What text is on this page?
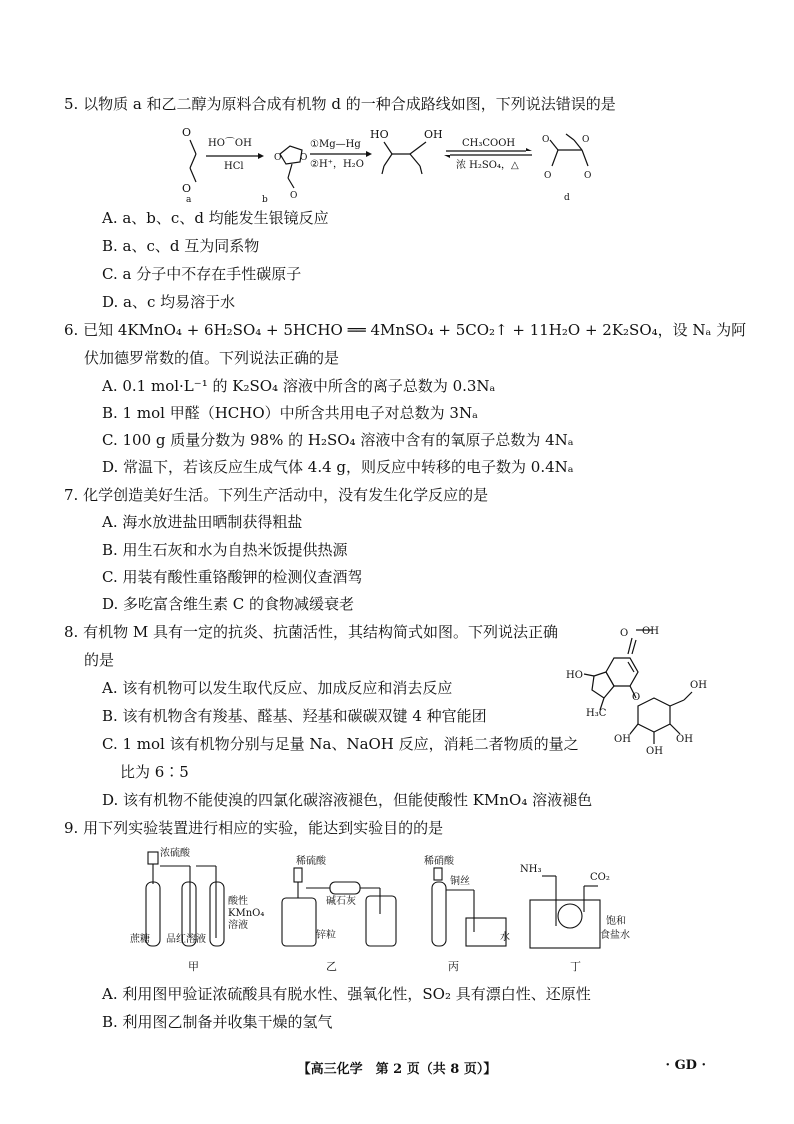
5. 以物质 a 和乙二醇为原料合成有机物 d 的一种合成路线如图，下列说法错误的是
O
O
a
HO⌒OH
HCl
O O
O
b
①Mg—Hg
②H⁺，H₂O
HO	OH
CH₃COOH
浓 H₂SO₄，△
O	O
O	O
d
A. a、b、c、d 均能发生银镜反应
B. a、c、d 互为同系物
C. a 分子中不存在手性碳原子
D. a、c 均易溶于水
6. 已知 4KMnO₄ + 6H₂SO₄ + 5HCHO ══ 4MnSO₄ + 5CO₂↑ + 11H₂O + 2K₂SO₄，设 Nₐ 为阿
伏加德罗常数的值。下列说法正确的是
A. 0.1 mol·L⁻¹ 的 K₂SO₄ 溶液中所含的离子总数为 0.3Nₐ
B. 1 mol 甲醛（HCHO）中所含共用电子对总数为 3Nₐ
C. 100 g 质量分数为 98% 的 H₂SO₄ 溶液中含有的氧原子总数为 4Nₐ
D. 常温下，若该反应生成气体 4.4 g，则反应中转移的电子数为 0.4Nₐ
7. 化学创造美好生活。下列生产活动中，没有发生化学反应的是
A. 海水放进盐田晒制获得粗盐
B. 用生石灰和水为自热米饭提供热源
C. 用装有酸性重铬酸钾的检测仪查酒驾
D. 多吃富含维生素 C 的食物减缓衰老
8. 有机物 M 具有一定的抗炎、抗菌活性，其结构简式如图。下列说法正确
的是
A. 该有机物可以发生取代反应、加成反应和消去反应
B. 该有机物含有羧基、醛基、羟基和碳碳双键 4 种官能团
C. 1 mol 该有机物分别与足量 Na、NaOH 反应，消耗二者物质的量之
比为 6∶5
D. 该有机物不能使溴的四氯化碳溶液褪色，但能使酸性 KMnO₄ 溶液褪色
OH
O
HO
H₃C
O
OH
OH
OH
OH
9. 用下列实验装置进行相应的实验，能达到实验目的的是
浓硫酸
蔗糖 品红溶液
酸性
KMnO₄
溶液
甲
稀硫酸
碱石灰
锌粒
乙
稀硝酸
铜丝
水
丙
NH₃
CO₂
饱和
食盐水
丁
A. 利用图甲验证浓硫酸具有脱水性、强氧化性，SO₂ 具有漂白性、还原性
B. 利用图乙制备并收集干燥的氢气
【高三化学　第 2 页（共 8 页）】	· GD ·
